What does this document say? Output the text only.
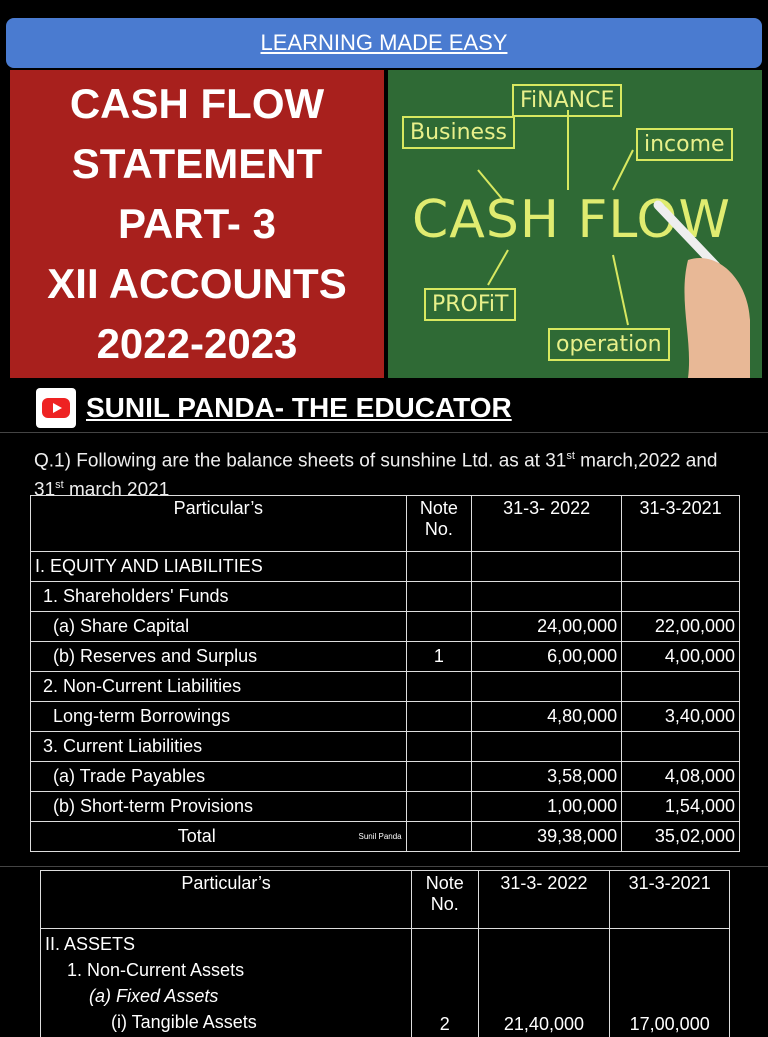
LEARNING MADE EASY
CASH FLOW
STATEMENT
PART- 3
XII ACCOUNTS
2022-2023
FiNANCE
Business	income
CASH FLOW
PROFiT
operation
SUNIL PANDA- THE EDUCATOR
Q.1) Following are the balance sheets of sunshine Ltd. as at 31st march,2022 and 31st march 2021
Particular’s	Note No.	31-3- 2022	31-3-2021
I. EQUITY AND LIABILITIES			
1. Shareholders' Funds			
(a) Share Capital		24,00,000	22,00,000
(b) Reserves and Surplus	1	6,00,000	4,00,000
2. Non-Current Liabilities			
Long-term Borrowings		4,80,000	3,40,000
3. Current Liabilities			
(a) Trade Payables		3,58,000	4,08,000
(b) Short-term Provisions		1,00,000	1,54,000
Total Sunil Panda		39,38,000	35,02,000
Particular’s	Note No.	31-3- 2022	31-3-2021

II. ASSETS
1. Non-Current Assets
(a) Fixed Assets
(i) Tangible Assets	2	21,40,000	17,00,000
